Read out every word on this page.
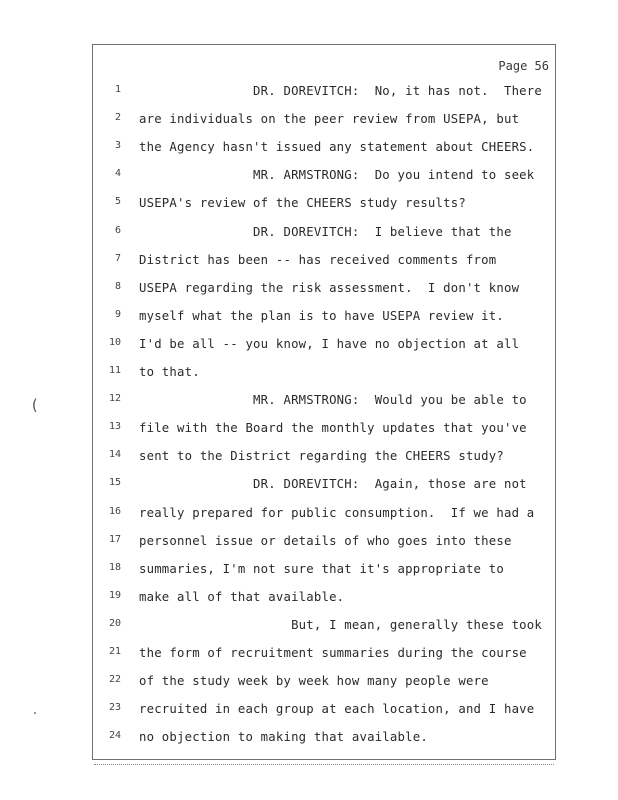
Page 56
1 DR. DOREVITCH:  No, it has not.  There
2 are individuals on the peer review from USEPA, but
3 the Agency hasn't issued any statement about CHEERS.
4 MR. ARMSTRONG:  Do you intend to seek
5 USEPA's review of the CHEERS study results?
6 DR. DOREVITCH:  I believe that the
7 District has been -- has received comments from
8 USEPA regarding the risk assessment.  I don't know
9 myself what the plan is to have USEPA review it.
10 I'd be all -- you know, I have no objection at all
11 to that.
12 MR. ARMSTRONG:  Would you be able to
13 file with the Board the monthly updates that you've
14 sent to the District regarding the CHEERS study?
15 DR. DOREVITCH:  Again, those are not
16 really prepared for public consumption.  If we had a
17 personnel issue or details of who goes into these
18 summaries, I'm not sure that it's appropriate to
19 make all of that available.
20 But, I mean, generally these took
21 the form of recruitment summaries during the course
22 of the study week by week how many people were
23 recruited in each group at each location, and I have
24 no objection to making that available.
(
